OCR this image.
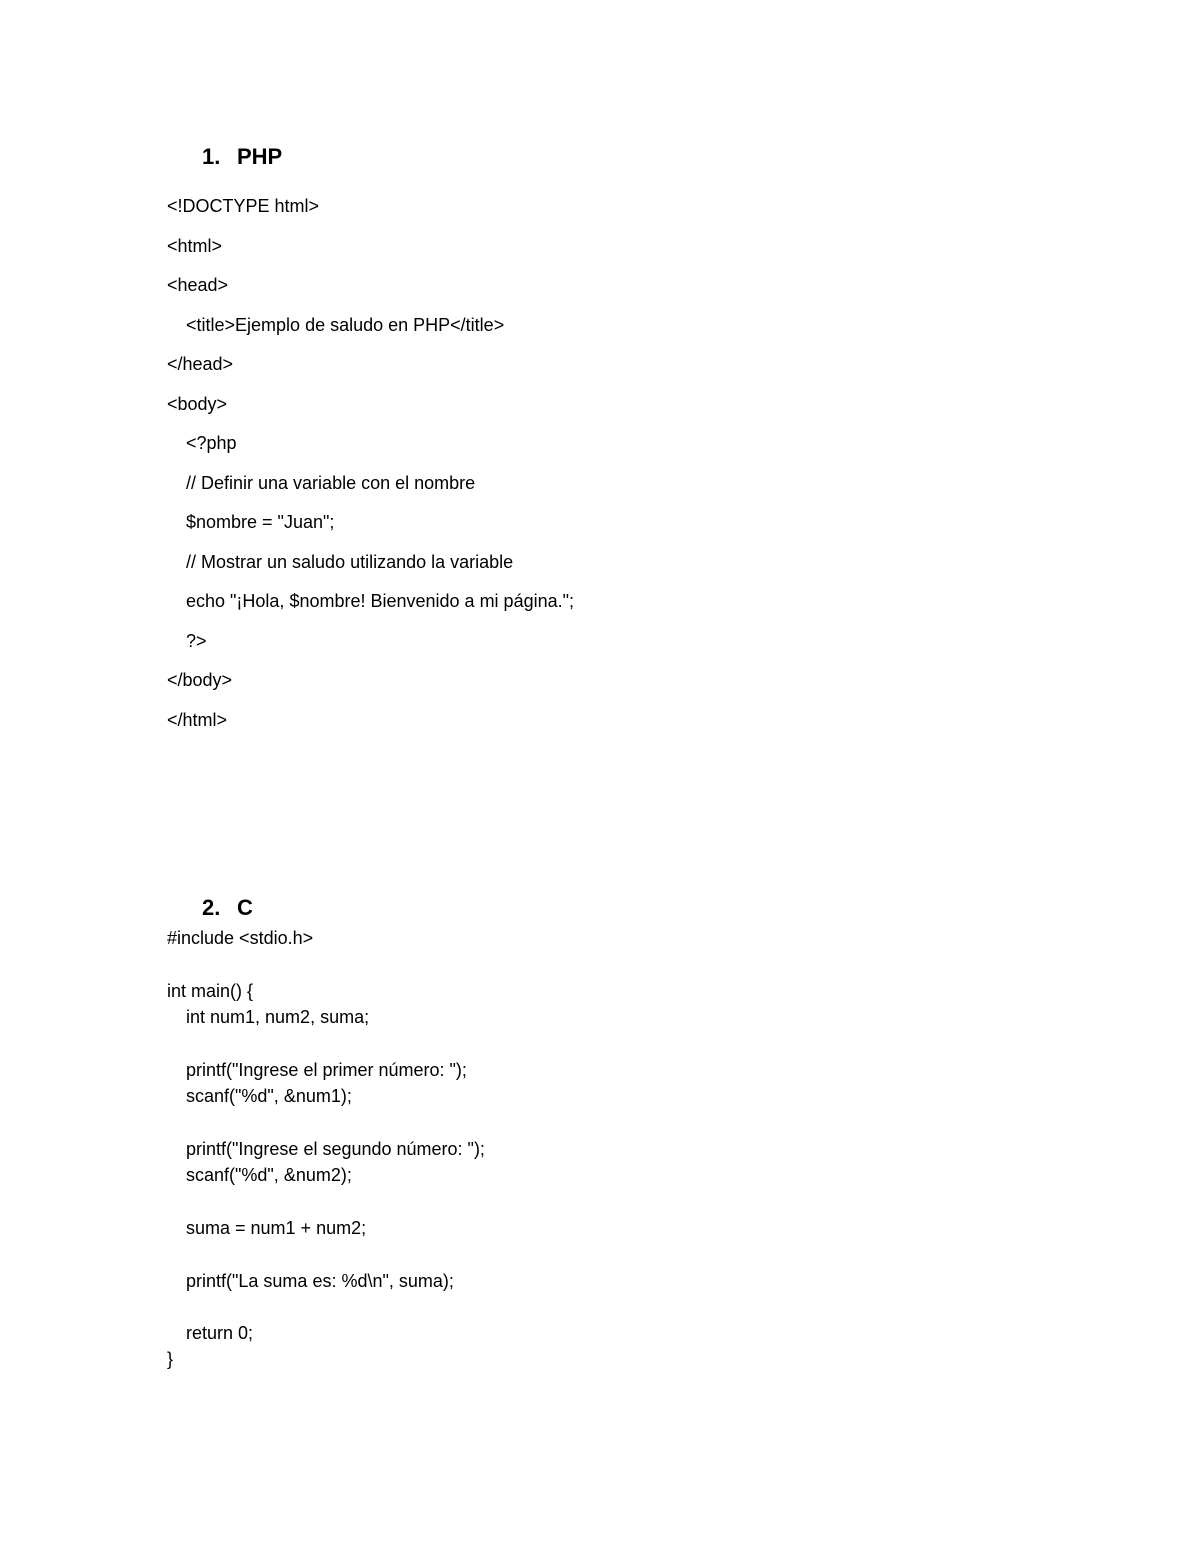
1. PHP

<!DOCTYPE html>

<html>

<head>

<title>Ejemplo de saludo en PHP</title>

</head>

<body>

<?php

// Definir una variable con el nombre

$nombre = "Juan";

// Mostrar un saludo utilizando la variable

echo "¡Hola, $nombre! Bienvenido a mi página.";

?>

</body>

</html>

2. C

#include <stdio.h>

int main() {

int num1, num2, suma;

printf("Ingrese el primer número: ");

scanf("%d", &num1);

printf("Ingrese el segundo número: ");

scanf("%d", &num2);

suma = num1 + num2;

printf("La suma es: %d\n", suma);

return 0;

}
